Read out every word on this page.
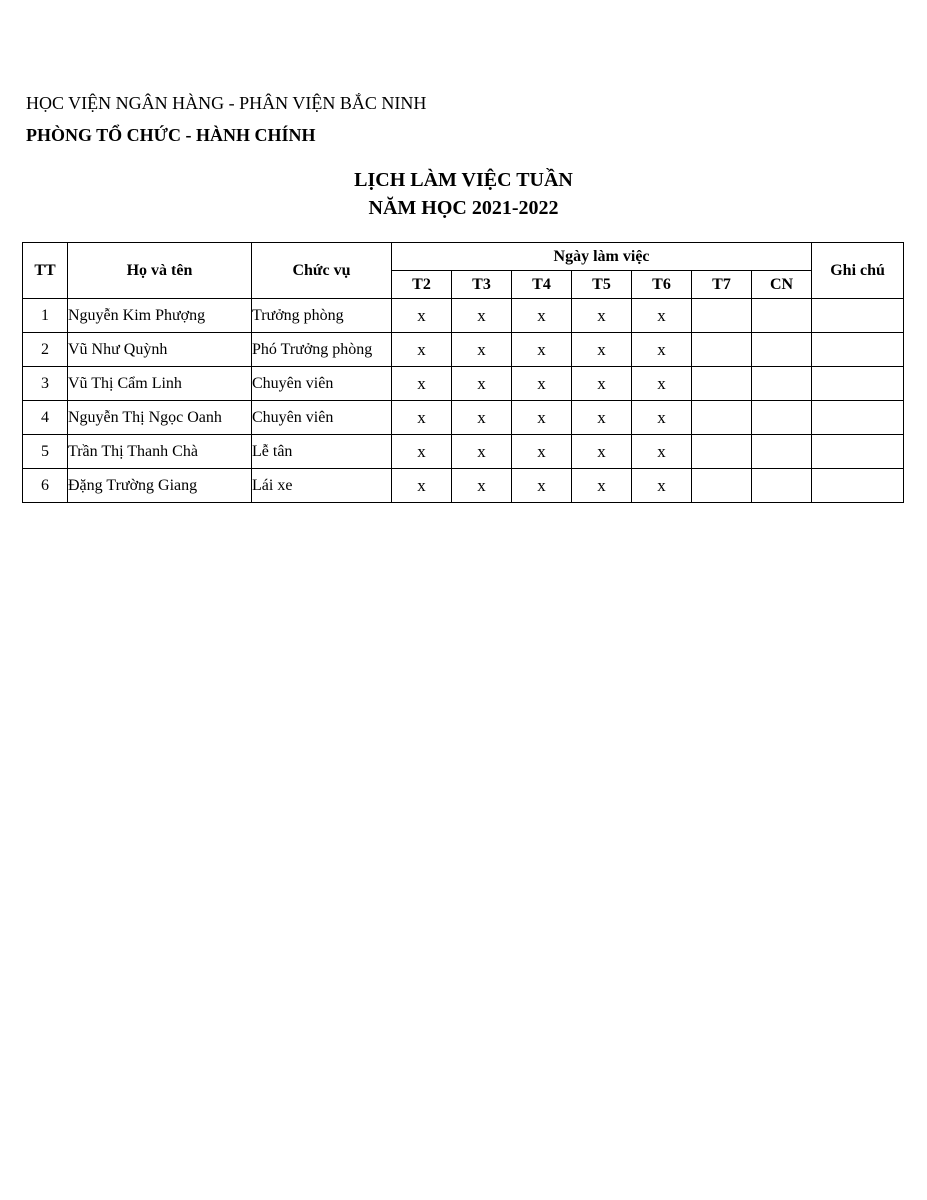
HỌC VIỆN NGÂN HÀNG - PHÂN VIỆN BẮC NINH
PHÒNG TỔ CHỨC - HÀNH CHÍNH
LỊCH LÀM VIỆC TUẦN
NĂM HỌC 2021-2022
TT	Họ và tên	Chức vụ	Ngày làm việc							Ghi chú
			T2	T3	T4	T5	T6	T7	CN	
1	Nguyễn Kim Phượng	Trưởng phòng	x	x	x	x	x			
2	Vũ Như Quỳnh	Phó Trưởng phòng	x	x	x	x	x			
3	Vũ Thị Cẩm Linh	Chuyên viên	x	x	x	x	x			
4	Nguyễn Thị Ngọc Oanh	Chuyên viên	x	x	x	x	x			
5	Trần Thị Thanh Chà	Lễ tân	x	x	x	x	x			
6	Đặng Trường Giang	Lái xe	x	x	x	x	x			
